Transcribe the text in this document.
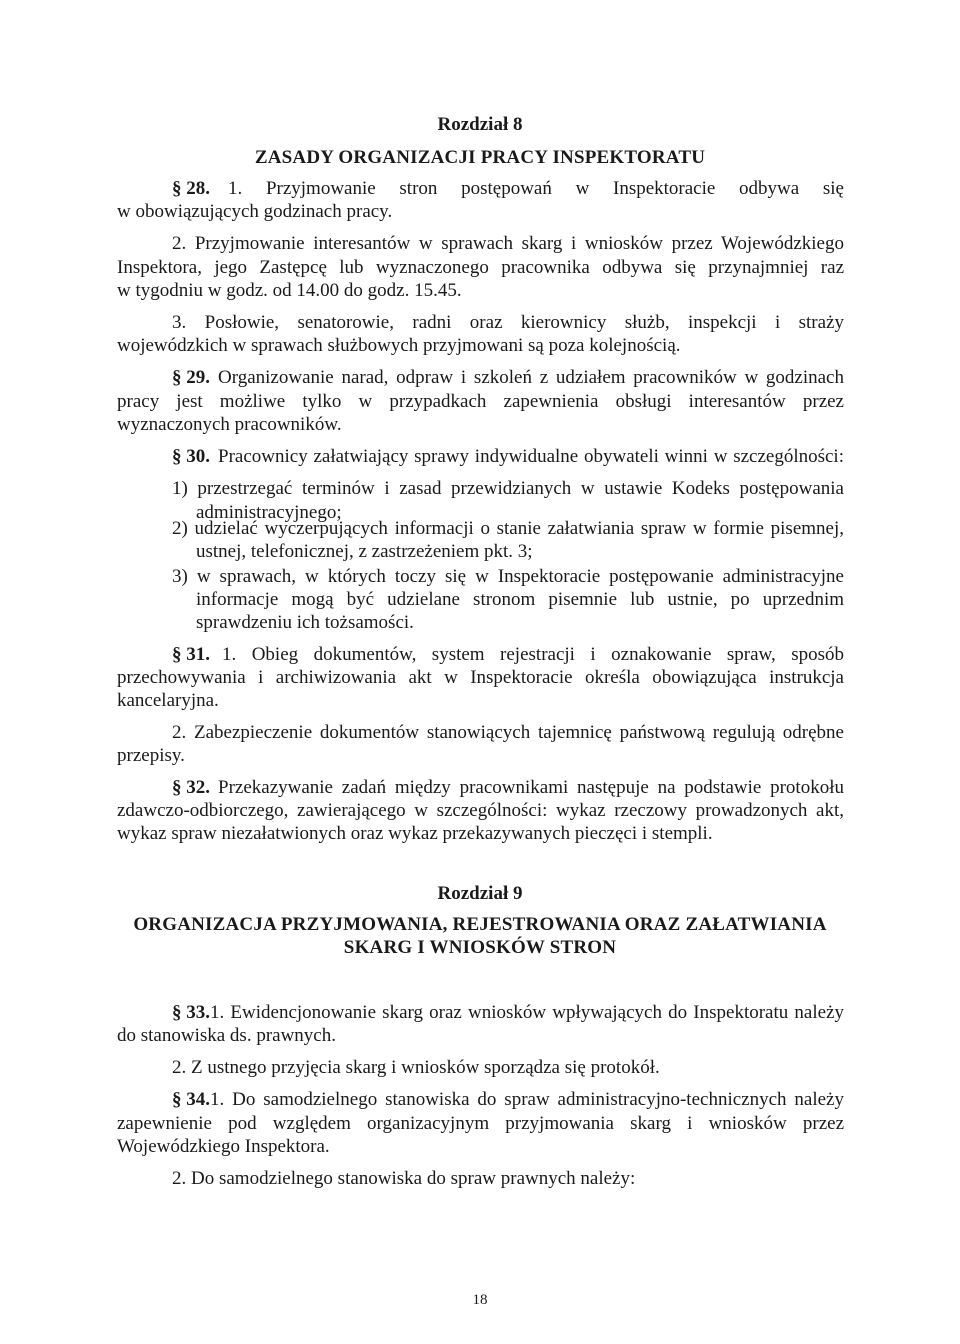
Rozdział 8
ZASADY ORGANIZACJI PRACY INSPEKTORATU
§ 28. 1. Przyjmowanie stron postępowań w Inspektoracie odbywa się
w obowiązujących godzinach pracy.
2. Przyjmowanie interesantów w sprawach skarg i wniosków przez Wojewódzkiego
Inspektora, jego Zastępcę lub wyznaczonego pracownika odbywa się przynajmniej raz
w tygodniu w godz. od 14.00 do godz. 15.45.
3. Posłowie, senatorowie, radni oraz kierownicy służb, inspekcji i straży
wojewódzkich w sprawach służbowych przyjmowani są poza kolejnością.
§ 29. Organizowanie narad, odpraw i szkoleń z udziałem pracowników w godzinach
pracy jest możliwe tylko w przypadkach zapewnienia obsługi interesantów przez
wyznaczonych pracowników.
§ 30. Pracownicy załatwiający sprawy indywidualne obywateli winni w szczególności:
1) przestrzegać terminów i zasad przewidzianych w ustawie Kodeks postępowania
administracyjnego;
2) udzielać wyczerpujących informacji o stanie załatwiania spraw w formie pisemnej,
ustnej, telefonicznej, z zastrzeżeniem pkt. 3;
3) w sprawach, w których toczy się w Inspektoracie postępowanie administracyjne
informacje mogą być udzielane stronom pisemnie lub ustnie, po uprzednim
sprawdzeniu ich tożsamości.
§ 31. 1. Obieg dokumentów, system rejestracji i oznakowanie spraw, sposób
przechowywania i archiwizowania akt w Inspektoracie określa obowiązująca instrukcja
kancelaryjna.
2. Zabezpieczenie dokumentów stanowiących tajemnicę państwową regulują odrębne
przepisy.
§ 32. Przekazywanie zadań między pracownikami następuje na podstawie protokołu
zdawczo-odbiorczego, zawierającego w szczególności: wykaz rzeczowy prowadzonych akt,
wykaz spraw niezałatwionych oraz wykaz przekazywanych pieczęci i stempli.
Rozdział 9
ORGANIZACJA PRZYJMOWANIA, REJESTROWANIA ORAZ ZAŁATWIANIA
SKARG I WNIOSKÓW STRON
§ 33. 1. Ewidencjonowanie skarg oraz wniosków wpływających do Inspektoratu należy
do stanowiska ds. prawnych.
2. Z ustnego przyjęcia skarg i wniosków sporządza się protokół.
§ 34. 1. Do samodzielnego stanowiska do spraw administracyjno-technicznych należy
zapewnienie pod względem organizacyjnym przyjmowania skarg i wniosków przez
Wojewódzkiego Inspektora.
2. Do samodzielnego stanowiska do spraw prawnych należy:
18
